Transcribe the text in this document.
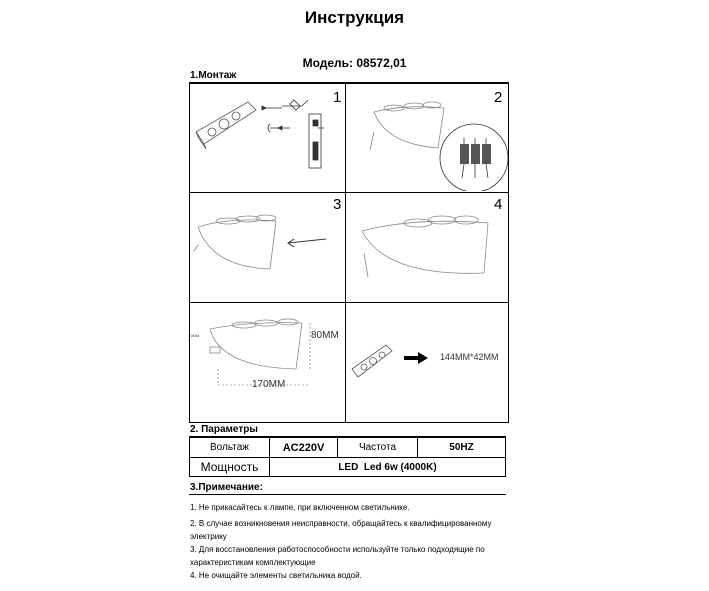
Инструкция
Модель: 08572,01
1.Монтаж
1	2
3	4
40MM	80MM
170MM
144MM*42MM
2. Параметры
Вольтаж	AC220V	Частота	50HZ
Мощность	LED  Led 6w (4000K)
3.Примечание:
1. Не прикасайтесь к лампе, при включенном светильнике.
2. В случае возникновения неисправности, обращайтесь к квалифицированному электрику
3. Для восстановления работоспособности используйте только подходящие по характеристикам комплектующие
4. Не очищайте элементы светильника водой.
